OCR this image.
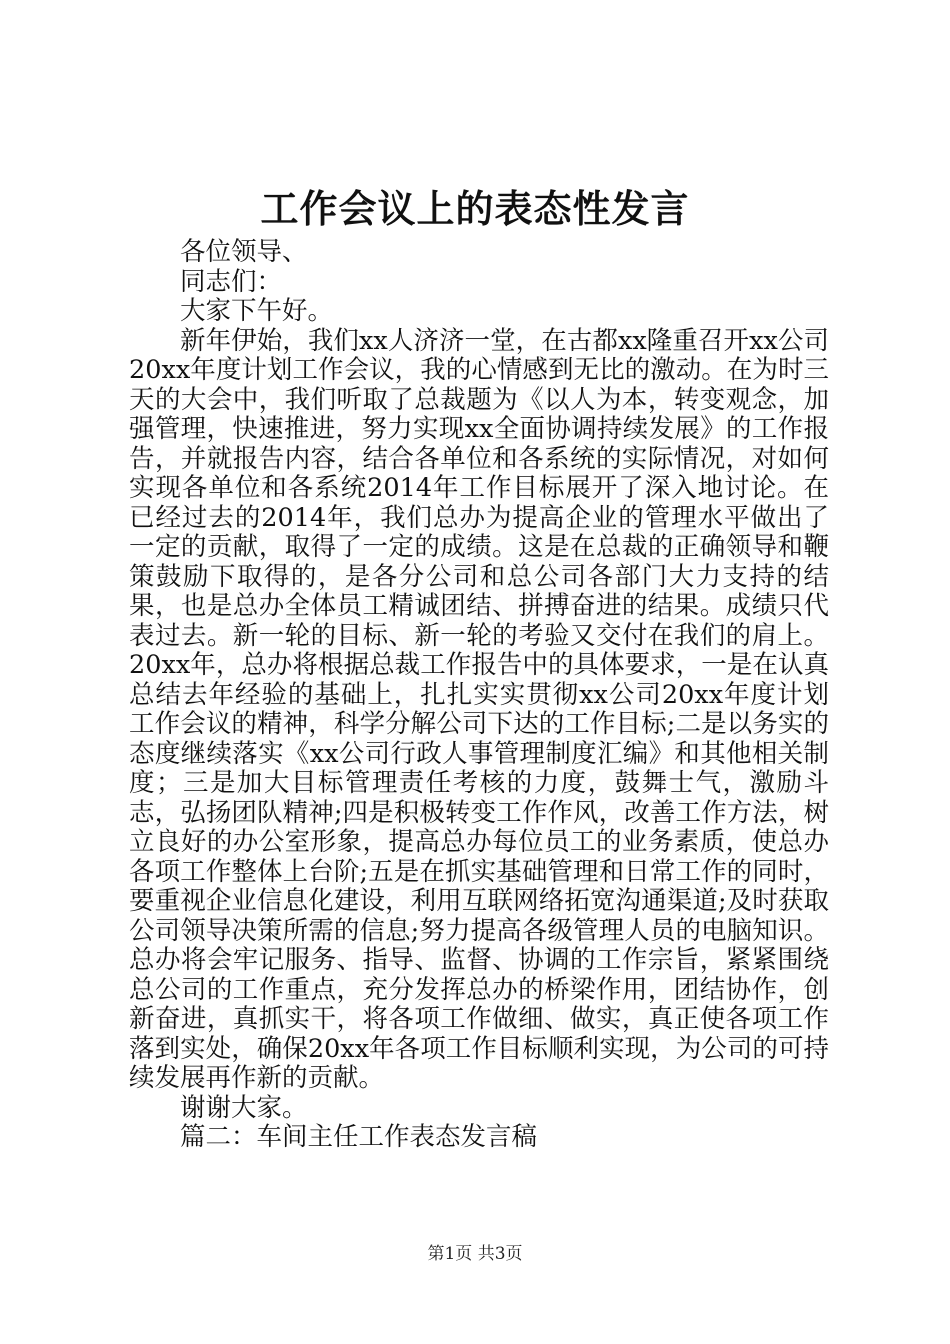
工作会议上的表态性发言

各位领导、

同志们：

大家下午好。

新年伊始，我们xx人济济一堂，在古都xx隆重召开xx公司20xx年度计划工作会议，我的心情感到无比的激动。在为时三天的大会中，我们听取了总裁题为《以人为本，转变观念，加强管理，快速推进，努力实现xx全面协调持续发展》的工作报告，并就报告内容，结合各单位和各系统的实际情况，对如何实现各单位和各系统2014年工作目标展开了深入地讨论。在已经过去的2014年，我们总办为提高企业的管理水平做出了一定的贡献，取得了一定的成绩。这是在总裁的正确领导和鞭策鼓励下取得的，是各分公司和总公司各部门大力支持的结果，也是总办全体员工精诚团结、拼搏奋进的结果。成绩只代表过去。新一轮的目标、新一轮的考验又交付在我们的肩上。20xx年，总办将根据总裁工作报告中的具体要求，一是在认真总结去年经验的基础上，扎扎实实贯彻xx公司20xx年度计划工作会议的精神，科学分解公司下达的工作目标;二是以务实的态度继续落实《xx公司行政人事管理制度汇编》和其他相关制度；三是加大目标管理责任考核的力度，鼓舞士气，激励斗志，弘扬团队精神;四是积极转变工作作风，改善工作方法，树立良好的办公室形象，提高总办每位员工的业务素质，使总办各项工作整体上台阶;五是在抓实基础管理和日常工作的同时，要重视企业信息化建设，利用互联网络拓宽沟通渠道;及时获取公司领导决策所需的信息;努力提高各级管理人员的电脑知识。总办将会牢记服务、指导、监督、协调的工作宗旨，紧紧围绕总公司的工作重点，充分发挥总办的桥梁作用，团结协作，创新奋进，真抓实干，将各项工作做细、做实，真正使各项工作落到实处，确保20xx年各项工作目标顺利实现，为公司的可持续发展再作新的贡献。

谢谢大家。

篇二：车间主任工作表态发言稿

第1页 共3页
